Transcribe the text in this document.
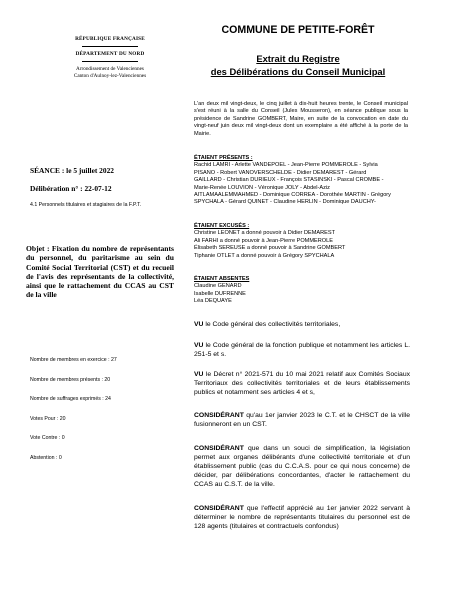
RÉPUBLIQUE FRANÇAISE
DÉPARTEMENT DU NORD
Arrondissement de Valenciennes
Canton d'Aulnoy-lez-Valenciennes
COMMUNE DE PETITE-FORÊT
Extrait du Registre
des Délibérations du Conseil Municipal
L'an deux mil vingt-deux, le cinq juillet à dix-huit heures trente, le Conseil municipal s'est réuni à la salle du Conseil (Jules Mousseron), en séance publique sous la présidence de Sandrine GOMBERT, Maire, en suite de la convocation en date du vingt-neuf juin deux mil vingt-deux dont un exemplaire a été affiché à la porte de la Mairie.
SÉANCE : le 5 juillet 2022
Délibération n° : 22-07-12
4.1 Personnels titulaires et stagiaires de la F.P.T.
Objet : Fixation du nombre de représentants du personnel, du paritarisme au sein du Comité Social Territorial (CST) et du recueil de l'avis des représentants de la collectivité, ainsi que le rattachement du CCAS au CST de la ville
Nombre de membres en exercice : 27
Nombre de membres présents : 20
Nombre de suffrages exprimés : 24
Votes Pour : 20
Vote Contre : 0
Abstention : 0
ÉTAIENT PRÉSENTS :
Rachid LAMRI - Arlette VANDEPOEL - Jean-Pierre POMMEROLE - Sylvia
PISANO - Robert VANOVERSCHELDE - Didier DEMAREST - Gérard
GAILLARD - Christian DURIEUX - François STASINSKI - Pascal CROMBE -
Marie-Renée LOUVION - Véronique JOLY - Abdel-Aziz
AITLAMAALEMMAHMED - Dominique CORREA - Dorothée MARTIN - Grégory
SPYCHALA - Gérard QUINET - Claudine HERLIN - Dominique DAUCHY-
ÉTAIENT EXCUSÉS :
Christine LEONET a donné pouvoir à Didier DEMAREST
Ali FARHI a donné pouvoir à Jean-Pierre POMMEROLE
Élisabeth SEREUSE a donné pouvoir à Sandrine GOMBERT
Tiphanie OTLET a donné pouvoir à Grégory SPYCHALA
ÉTAIENT ABSENTES
Claudine GENARD
Isabelle DUFRENNE
Léa DEQUAYE
VU le Code général des collectivités territoriales,
VU le Code général de la fonction publique et notamment les articles L. 251-5 et s.
VU le Décret n° 2021-571 du 10 mai 2021 relatif aux Comités Sociaux Territoriaux des collectivités territoriales et de leurs établissements publics et notamment ses articles 4 et s,
CONSIDÉRANT qu'au 1er janvier 2023 le C.T. et le CHSCT de la ville fusionneront en un CST.
CONSIDÉRANT que dans un souci de simplification, la législation permet aux organes délibérants d'une collectivité territoriale et d'un établissement public (cas du C.C.A.S. pour ce qui nous concerne) de décider, par délibérations concordantes, d'acter le rattachement du CCAS au C.S.T. de la ville.
CONSIDÉRANT que l'effectif apprécié au 1er janvier 2022 servant à déterminer le nombre de représentants titulaires du personnel est de 128 agents (titulaires et contractuels confondus)
